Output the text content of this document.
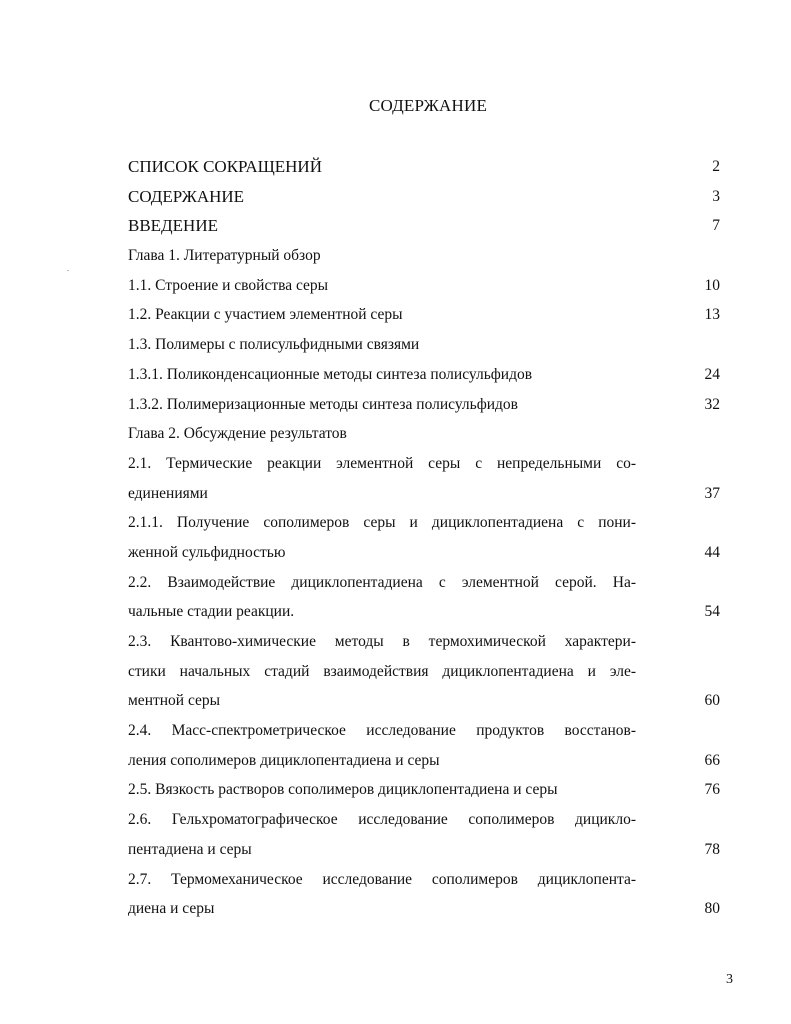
СОДЕРЖАНИЕ
СПИСОК СОКРАЩЕНИЙ	2
СОДЕРЖАНИЕ	3
ВВЕДЕНИЕ	7
Глава 1. Литературный обзор
1.1. Строение и свойства серы	10
1.2. Реакции с участием элементной серы	13
1.3. Полимеры с полисульфидными связями
1.3.1. Поликонденсационные методы синтеза полисульфидов	24
1.3.2. Полимеризационные методы синтеза полисульфидов	32
Глава 2. Обсуждение результатов
2.1. Термические реакции элементной серы с непредельными со-
единениями	37
2.1.1. Получение сополимеров серы и дициклопентадиена с пони-
женной сульфидностью	44
2.2. Взаимодействие дициклопентадиена с элементной серой. На-
чальные стадии реакции.	54
2.3. Квантово-химические методы в термохимической характери-
стики начальных стадий взаимодействия дициклопентадиена и эле-
ментной серы	60
2.4. Масс-спектрометрическое исследование продуктов восстанов-
ления сополимеров дициклопентадиена и серы	66
2.5. Вязкость растворов сополимеров дициклопентадиена и серы	76
2.6. Гельхроматографическое исследование сополимеров дицикло-
пентадиена и серы	78
2.7. Термомеханическое исследование сополимеров дициклопента-
диена и серы	80
3
